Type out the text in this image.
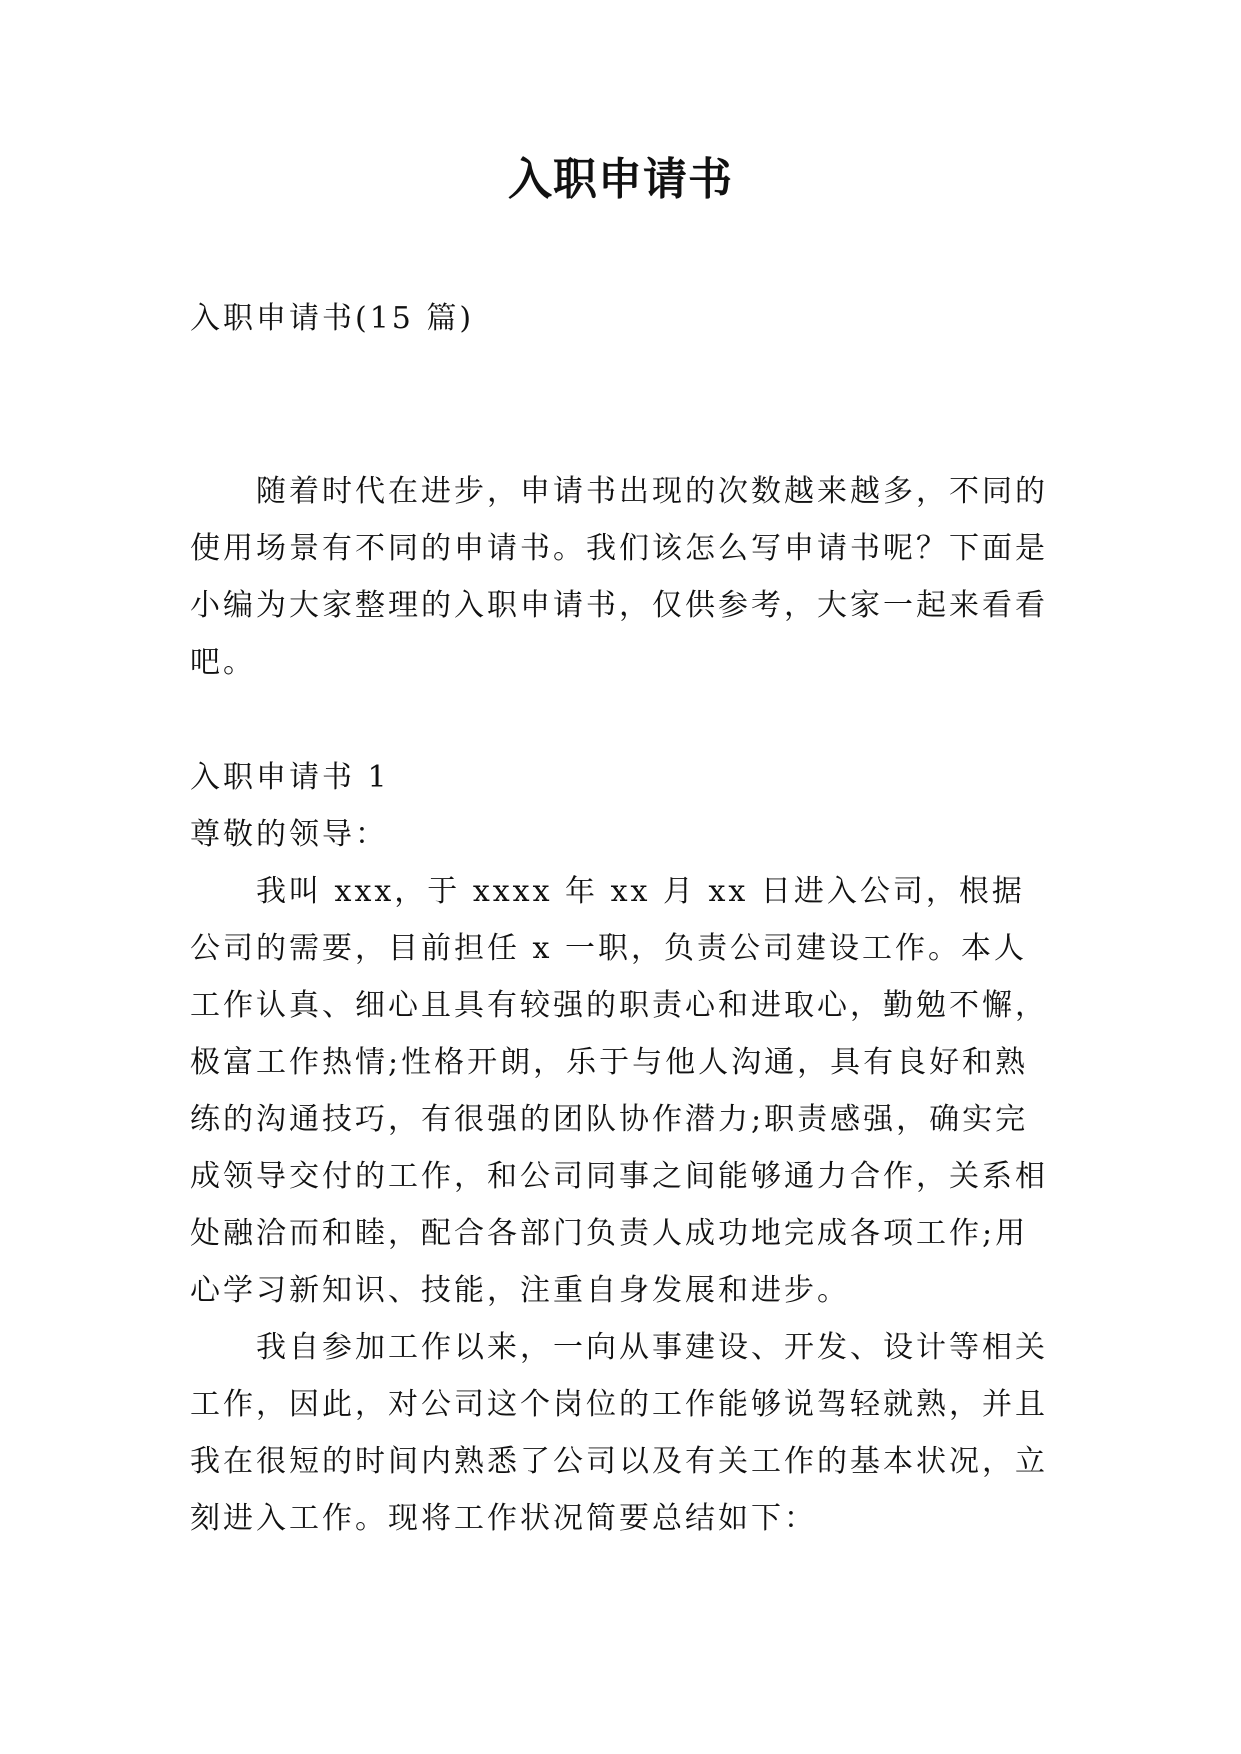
入职申请书
入职申请书(15 篇)

随着时代在进步，申请书出现的次数越来越多，不同的使用场景有不同的申请书。我们该怎么写申请书呢？下面是小编为大家整理的入职申请书，仅供参考，大家一起来看看吧。

入职申请书 1

尊敬的领导：

我叫 xxx，于 xxxx 年 xx 月 xx 日进入公司，根据公司的需要，目前担任 x 一职，负责公司建设工作。本人工作认真、细心且具有较强的职责心和进取心，勤勉不懈，极富工作热情;性格开朗，乐于与他人沟通，具有良好和熟练的沟通技巧，有很强的团队协作潜力;职责感强，确实完成领导交付的工作，和公司同事之间能够通力合作，关系相处融洽而和睦，配合各部门负责人成功地完成各项工作;用心学习新知识、技能，注重自身发展和进步。

我自参加工作以来，一向从事建设、开发、设计等相关工作，因此，对公司这个岗位的工作能够说驾轻就熟，并且我在很短的时间内熟悉了公司以及有关工作的基本状况，立刻进入工作。现将工作状况简要总结如下：
